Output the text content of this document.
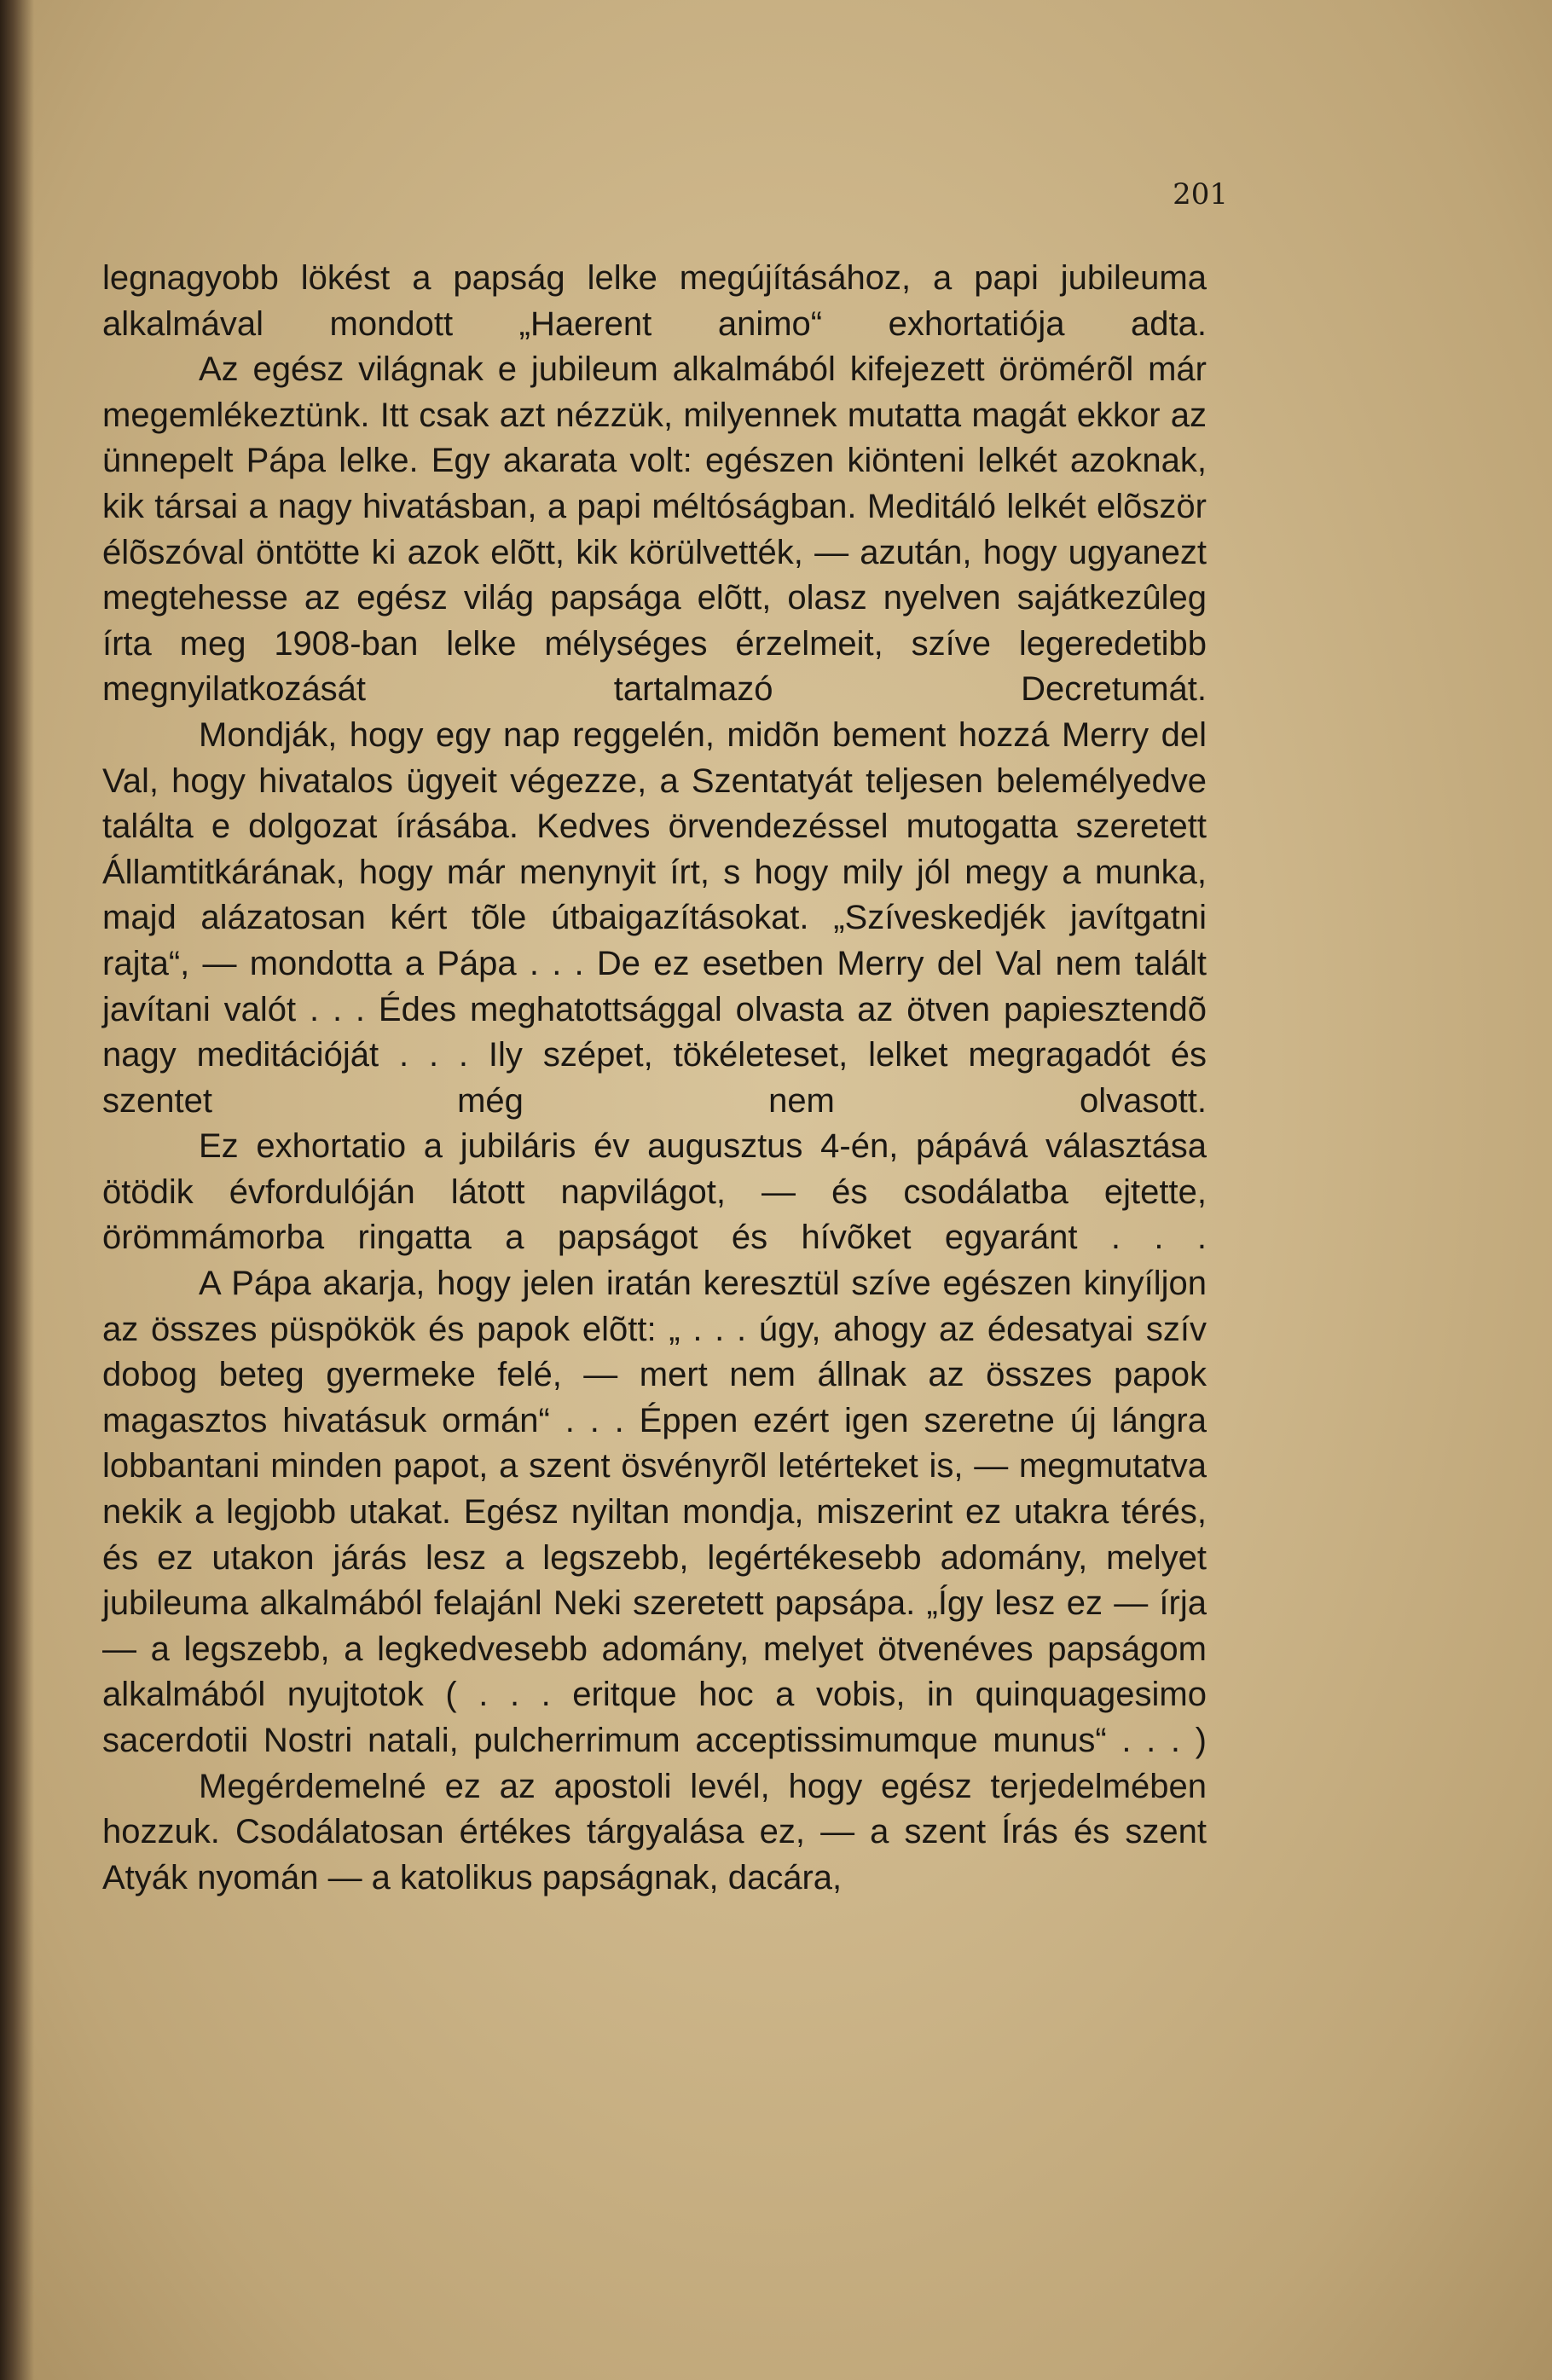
201

legnagyobb lökést a papság lelke megújításához, a papi jubileuma alkalmával mondott „Haerent animo“ exhortatiója adta.

Az egész világnak e jubileum alkalmából kifejezett örömérõl már megemlékeztünk. Itt csak azt nézzük, milyennek mutatta magát ekkor az ünnepelt Pápa lelke. Egy akarata volt: egészen kiönteni lelkét azoknak, kik társai a nagy hivatásban, a papi méltóságban. Meditáló lelkét elõször élõszóval öntötte ki azok elõtt, kik körülvették, — azután, hogy ugyanezt megtehesse az egész világ papsága elõtt, olasz nyelven sajátkezûleg írta meg 1908-ban lelke mélységes érzelmeit, szíve legeredetibb megnyilatkozását tartalmazó Decretumát.

Mondják, hogy egy nap reggelén, midõn bement hozzá Merry del Val, hogy hivatalos ügyeit végezze, a Szentatyát teljesen belemélyedve találta e dolgozat írásába. Kedves örvendezéssel mutogatta szeretett Államtitkárának, hogy már menynyit írt, s hogy mily jól megy a munka, majd alázatosan kért tõle útbaigazításokat. „Szíveskedjék javítgatni rajta“, — mondotta a Pápa . . . De ez esetben Merry del Val nem talált javítani valót . . . Édes meghatottsággal olvasta az ötven papiesztendõ nagy meditációját . . . Ily szépet, tökéleteset, lelket megragadót és szentet még nem olvasott.

Ez exhortatio a jubiláris év augusztus 4-én, pápává választása ötödik évfordulóján látott napvilágot, — és csodálatba ejtette, örömmámorba ringatta a papságot és hívõket egyaránt . . .

A Pápa akarja, hogy jelen iratán keresztül szíve egészen kinyíljon az összes püspökök és papok elõtt: „ . . . úgy, ahogy az édesatyai szív dobog beteg gyermeke felé, — mert nem állnak az összes papok magasztos hivatásuk ormán“ . . . Éppen ezért igen szeretne új lángra lobbantani minden papot, a szent ösvényrõl letérteket is, — megmutatva nekik a legjobb utakat. Egész nyiltan mondja, miszerint ez utakra térés, és ez utakon járás lesz a legszebb, legértékesebb adomány, melyet jubileuma alkalmából felajánl Neki szeretett papsápa. „Így lesz ez — írja — a legszebb, a legkedvesebb adomány, melyet ötvenéves papságom alkalmából nyujtotok ( . . . eritque hoc a vobis, in quinquagesimo sacerdotii Nostri natali, pulcherrimum acceptissimumque munus“ . . . )

Megérdemelné ez az apostoli levél, hogy egész terjedelmében hozzuk. Csodálatosan értékes tárgyalása ez, — a szent Írás és szent Atyák nyomán — a katolikus papságnak, dacára,
